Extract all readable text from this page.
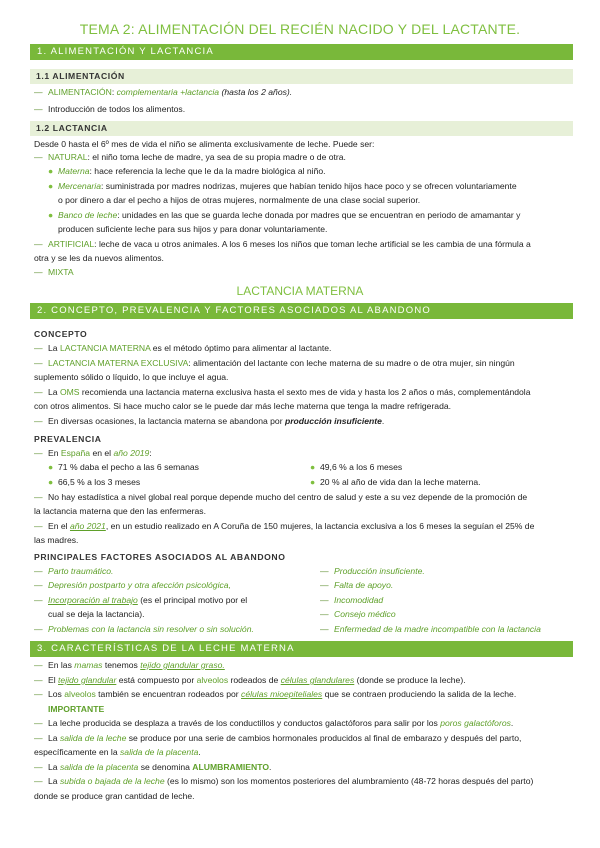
TEMA 2: ALIMENTACIÓN DEL RECIÉN NACIDO Y DEL LACTANTE.
1. ALIMENTACIÓN Y LACTANCIA
1.1 ALIMENTACIÓN
— ALIMENTACIÓN: complementaria +lactancia (hasta los 2 años).
— Introducción de todos los alimentos.
1.2 LACTANCIA
Desde 0 hasta el 6º mes de vida el niño se alimenta exclusivamente de leche. Puede ser:
— NATURAL: el niño toma leche de madre, ya sea de su propia madre o de otra.
● Materna: hace referencia la leche que le da la madre biológica al niño.
● Mercenaria: suministrada por madres nodrizas, mujeres que habían tenido hijos hace poco y se ofrecen voluntariamente
o por dinero a dar el pecho a hijos de otras mujeres, normalmente de una clase social superior.
● Banco de leche: unidades en las que se guarda leche donada por madres que se encuentran en periodo de amamantar y
producen suficiente leche para sus hijos y para donar voluntariamente.
— ARTIFICIAL: leche de vaca u otros animales. A los 6 meses los niños que toman leche artificial se les cambia de una fórmula a
otra y se les da nuevos alimentos.
— MIXTA
LACTANCIA MATERNA
2. CONCEPTO, PREVALENCIA Y FACTORES ASOCIADOS AL ABANDONO
CONCEPTO
— La LACTANCIA MATERNA es el método óptimo para alimentar al lactante.
— LACTANCIA MATERNA EXCLUSIVA: alimentación del lactante con leche materna de su madre o de otra mujer, sin ningún
suplemento sólido o líquido, lo que incluye el agua.
— La OMS recomienda una lactancia materna exclusiva hasta el sexto mes de vida y hasta los 2 años o más, complementándola
con otros alimentos. Si hace mucho calor se le puede dar más leche materna que tenga la madre refrigerada.
— En diversas ocasiones, la lactancia materna se abandona por producción insuficiente.
PREVALENCIA
— En España en el año 2019:
● 71 % daba el pecho a las 6 semanas
● 66,5 % a los 3 meses
● 49,6 % a los 6 meses
● 20 % al año de vida dan la leche materna.
— No hay estadística a nivel global real porque depende mucho del centro de salud y este a su vez depende de la promoción de
la lactancia materna que den las enfermeras.
— En el año 2021, en un estudio realizado en A Coruña de 150 mujeres, la lactancia exclusiva a los 6 meses la seguían el 25% de
las madres.
PRINCIPALES FACTORES ASOCIADOS AL ABANDONO
— Parto traumático.
— Depresión postparto y otra afección psicológica,
— Incorporación al trabajo (es el principal motivo por el
cual se deja la lactancia).
— Problemas con la lactancia sin resolver o sin solución.
— Producción insuficiente.
— Falta de apoyo.
— Incomodidad
— Consejo médico
— Enfermedad de la madre incompatible con la lactancia
3. CARACTERÍSTICAS DE LA LECHE MATERNA
— En las mamas tenemos tejido glandular graso.
— El tejido glandular está compuesto por alveolos rodeados de células glandulares (donde se produce la leche).
— Los alveolos también se encuentran rodeados por células mioepiteliales que se contraen produciendo la salida de la leche.
IMPORTANTE
— La leche producida se desplaza a través de los conductillos y conductos galactóforos para salir por los poros galactóforos.
— La salida de la leche se produce por una serie de cambios hormonales producidos al final de embarazo y después del parto,
específicamente en la salida de la placenta.
— La salida de la placenta se denomina ALUMBRAMIENTO.
— La subida o bajada de la leche (es lo mismo) son los momentos posteriores del alumbramiento (48-72 horas después del parto)
donde se produce gran cantidad de leche.
